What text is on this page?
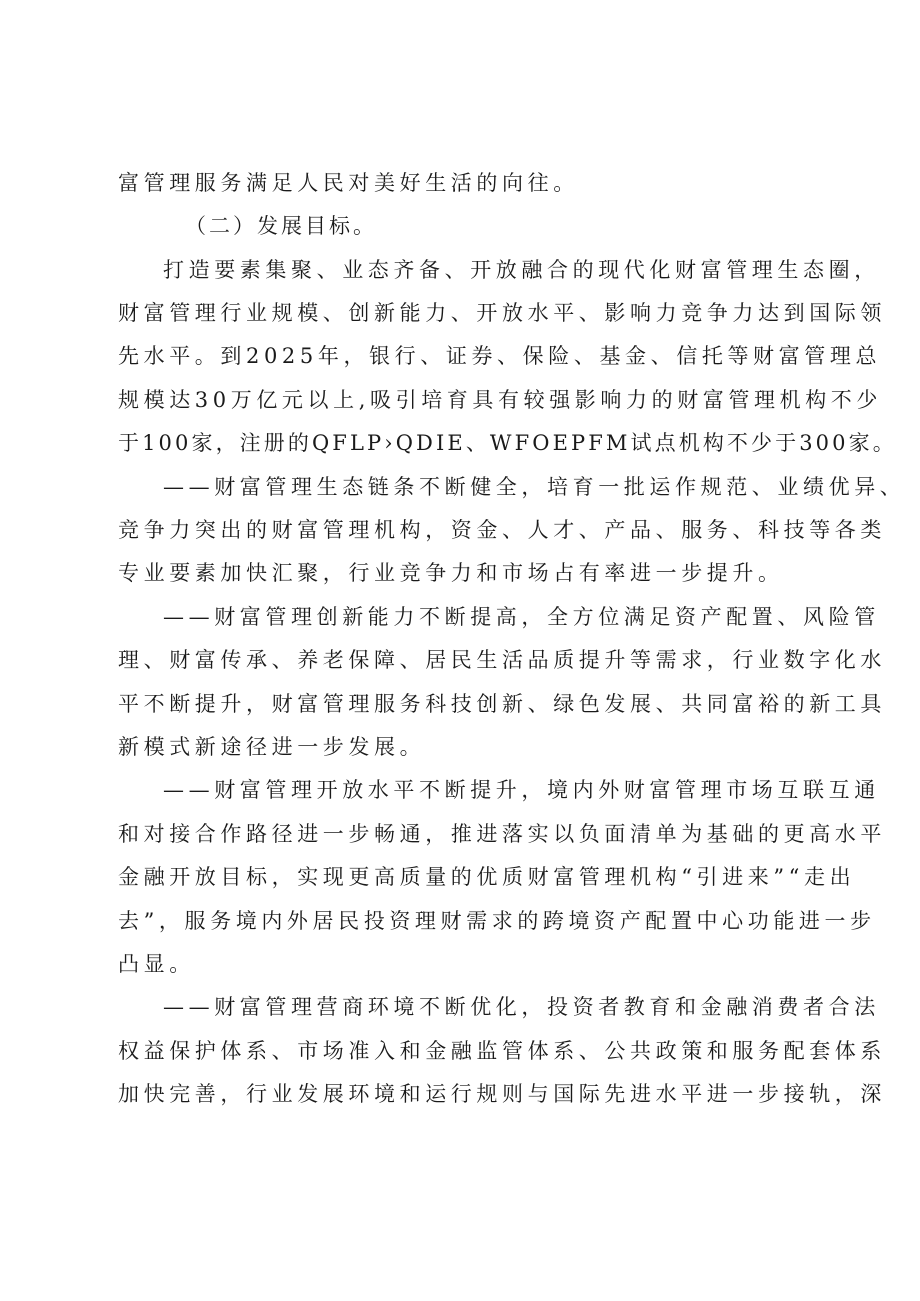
富管理服务满足人民对美好生活的向往。
（二）发展目标。
打造要素集聚、业态齐备、开放融合的现代化财富管理生态圈，
财富管理行业规模、创新能力、开放水平、影响力竞争力达到国际领
先水平。到2025年，银行、证券、保险、基金、信托等财富管理总
规模达30万亿元以上,吸引培育具有较强影响力的财富管理机构不少
于100家，注册的QFLP›QDIE、WFOEPFM试点机构不少于300家。
——财富管理生态链条不断健全，培育一批运作规范、业绩优异、
竞争力突出的财富管理机构，资金、人才、产品、服务、科技等各类
专业要素加快汇聚，行业竞争力和市场占有率进一步提升。
——财富管理创新能力不断提高，全方位满足资产配置、风险管
理、财富传承、养老保障、居民生活品质提升等需求，行业数字化水
平不断提升，财富管理服务科技创新、绿色发展、共同富裕的新工具
新模式新途径进一步发展。
——财富管理开放水平不断提升，境内外财富管理市场互联互通
和对接合作路径进一步畅通，推进落实以负面清单为基础的更高水平
金融开放目标，实现更高质量的优质财富管理机构“引进来”“走出
去”，服务境内外居民投资理财需求的跨境资产配置中心功能进一步
凸显。
——财富管理营商环境不断优化，投资者教育和金融消费者合法
权益保护体系、市场准入和金融监管体系、公共政策和服务配套体系
加快完善，行业发展环境和运行规则与国际先进水平进一步接轨，深
